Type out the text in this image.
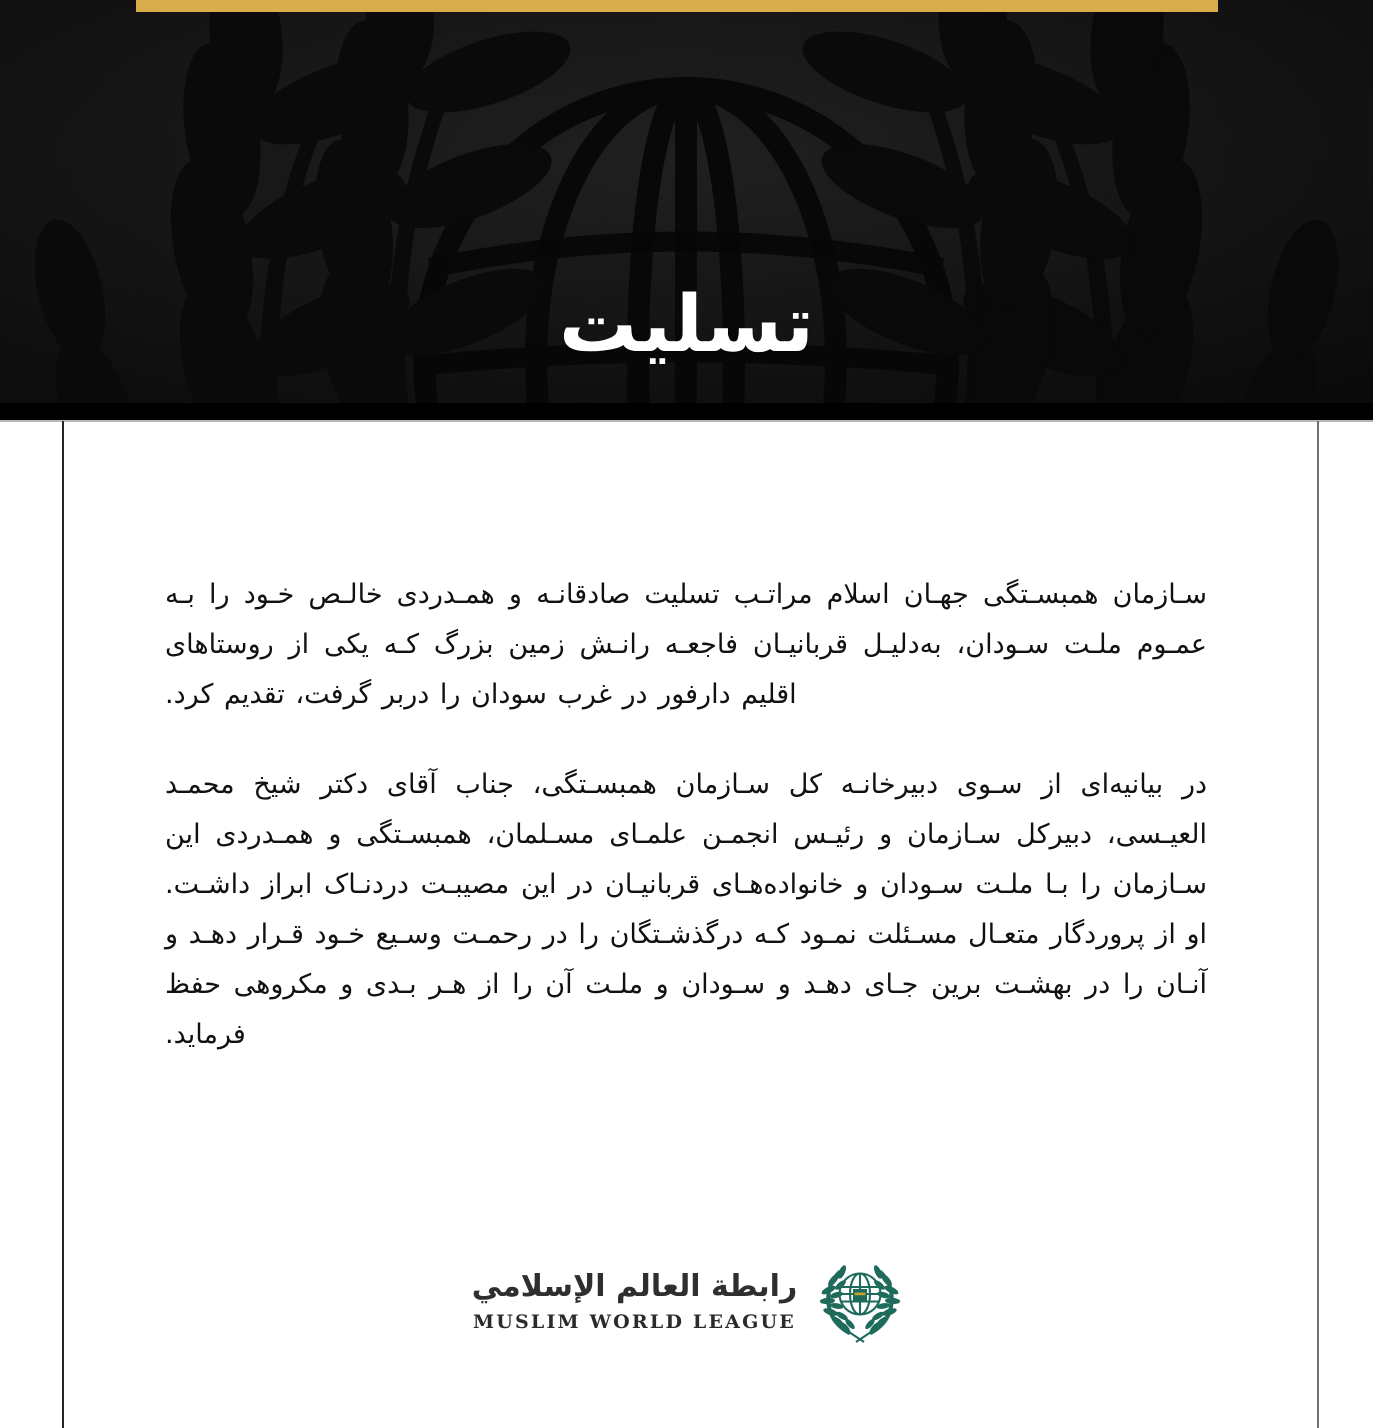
تسلیت

سـازمان همبسـتگی جهـان اسلام مراتـب تسلیت صادقانـه و همـدردی خالـص خـود را بـه عمـوم ملـت سـودان، به‌دلیـل قربانیـان فاجعـه رانـش زمین بزرگ کـه یکی از روستاهای اقلیم دارفور در غرب سودان را دربر گرفت، تقدیم کرد.

در بیانیه‌ای از سـوی دبیرخانـه کل سـازمان همبسـتگی، جناب آقای دکتر شیخ محمـد العیـسی، دبیرکل سـازمان و رئیـس انجمـن علمـای مسـلمان، همبسـتگی و همـدردی این سـازمان را بـا ملـت سـودان و خانواده‌هـای قربانیـان در این مصیبـت دردنـاک ابراز داشـت. او از پروردگار متعـال مسـئلت نمـود کـه درگذشـتگان را در رحمـت وسـیع خـود قـرار دهـد و آنـان را در بهشـت برین جـای دهـد و سـودان و ملـت آن را از هـر بـدی و مکروهی حفظ فرماید.

رابطة العالم الإسلامي
MUSLIM WORLD LEAGUE
